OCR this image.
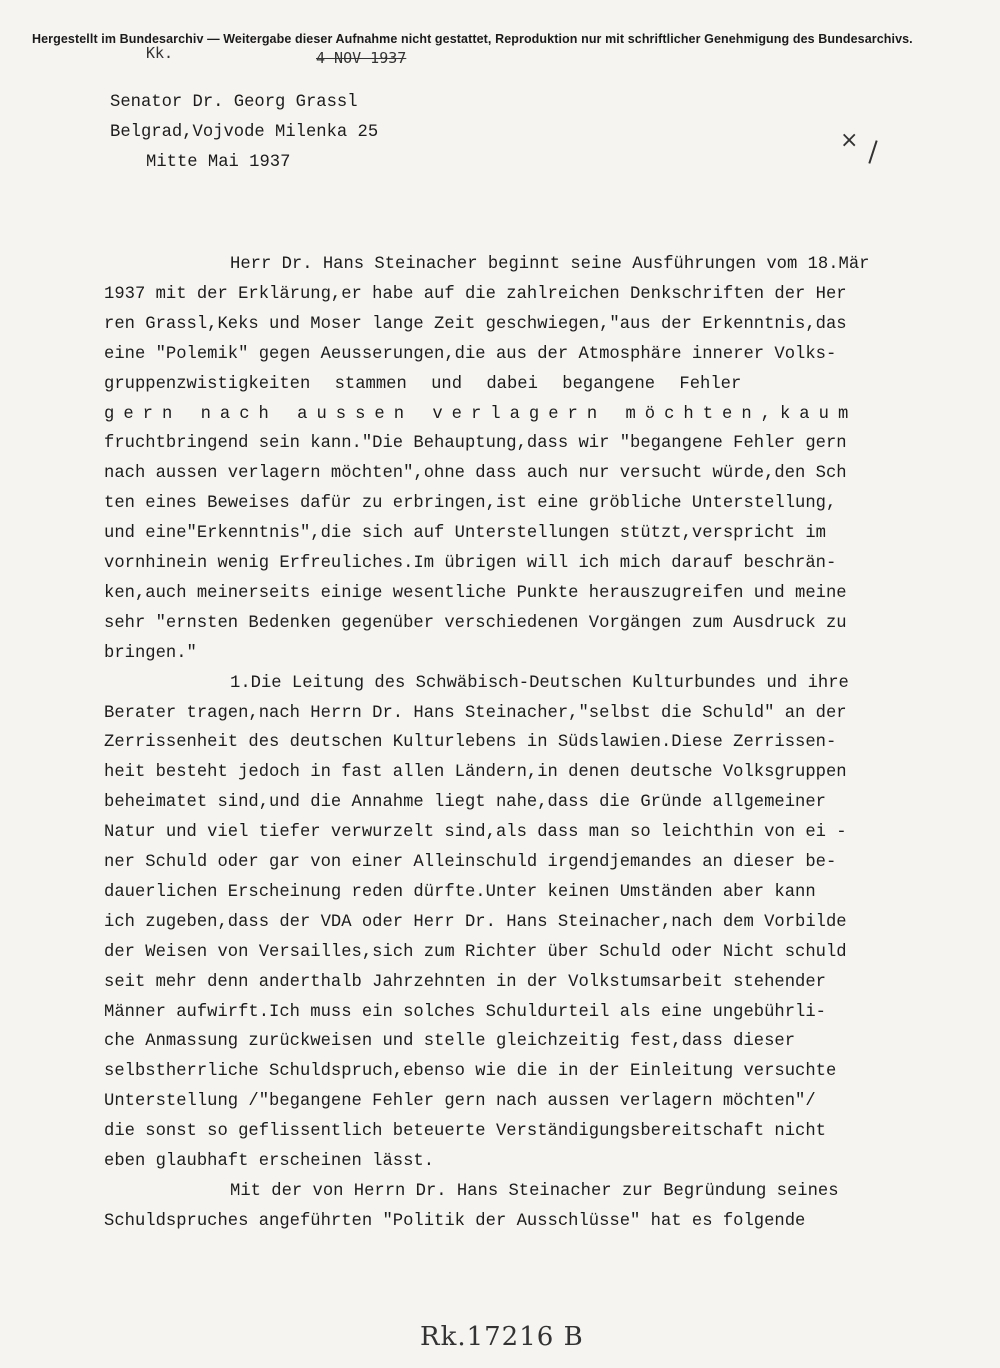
Hergestellt im Bundesarchiv — Weitergabe dieser Aufnahme nicht gestattet, Reproduktion nur mit schriftlicher Genehmigung des Bundesarchivs.
Kk.	4 NOV 1937
Senator Dr. Georg Grassl
Belgrad,Vojvode Milenka 25
Mitte Mai 1937
×
Herr Dr. Hans Steinacher beginnt seine Ausführungen vom 18.Mär
1937 mit der Erklärung,er habe auf die zahlreichen Denkschriften der Her
ren Grassl,Keks und Moser lange Zeit geschwiegen,"aus der Erkenntnis,das
eine "Polemik" gegen Aeusserungen,die aus der Atmosphäre innerer Volks-
gruppenzwistigkeiten stammen und dabei begangene Fehler
gern nach aussen verlagern möchten,kaum
fruchtbringend sein kann."Die Behauptung,dass wir "begangene Fehler gern
nach aussen verlagern möchten",ohne dass auch nur versucht würde,den Sch
ten eines Beweises dafür zu erbringen,ist eine gröbliche Unterstellung,
und eine"Erkenntnis",die sich auf Unterstellungen stützt,verspricht im
vornhinein wenig Erfreuliches.Im übrigen will ich mich darauf beschrän-
ken,auch meinerseits einige wesentliche Punkte herauszugreifen und meine
sehr "ernsten Bedenken gegenüber verschiedenen Vorgängen zum Ausdruck zu
bringen."
1.Die Leitung des Schwäbisch-Deutschen Kulturbundes und ihre
Berater tragen,nach Herrn Dr. Hans Steinacher,"selbst die Schuld" an der
Zerrissenheit des deutschen Kulturlebens in Südslawien.Diese Zerrissen-
heit besteht jedoch in fast allen Ländern,in denen deutsche Volksgruppen
beheimatet sind,und die Annahme liegt nahe,dass die Gründe allgemeiner
Natur und viel tiefer verwurzelt sind,als dass man so leichthin von ei -
ner Schuld oder gar von einer Alleinschuld irgendjemandes an dieser be-
dauerlichen Erscheinung reden dürfte.Unter keinen Umständen aber kann
ich zugeben,dass der VDA oder Herr Dr. Hans Steinacher,nach dem Vorbilde
der Weisen von Versailles,sich zum Richter über Schuld oder Nicht schuld
seit mehr denn anderthalb Jahrzehnten in der Volkstumsarbeit stehender
Männer aufwirft.Ich muss ein solches Schuldurteil als eine ungebührli-
che Anmassung zurückweisen und stelle gleichzeitig fest,dass dieser
selbstherrliche Schuldspruch,ebenso wie die in der Einleitung versuchte
Unterstellung /"begangene Fehler gern nach aussen verlagern möchten"/
die sonst so geflissentlich beteuerte Verständigungsbereitschaft nicht
eben glaubhaft erscheinen lässt.
Mit der von Herrn Dr. Hans Steinacher zur Begründung seines
Schuldspruches angeführten "Politik der Ausschlüsse" hat es folgende
Rk.17216 B
